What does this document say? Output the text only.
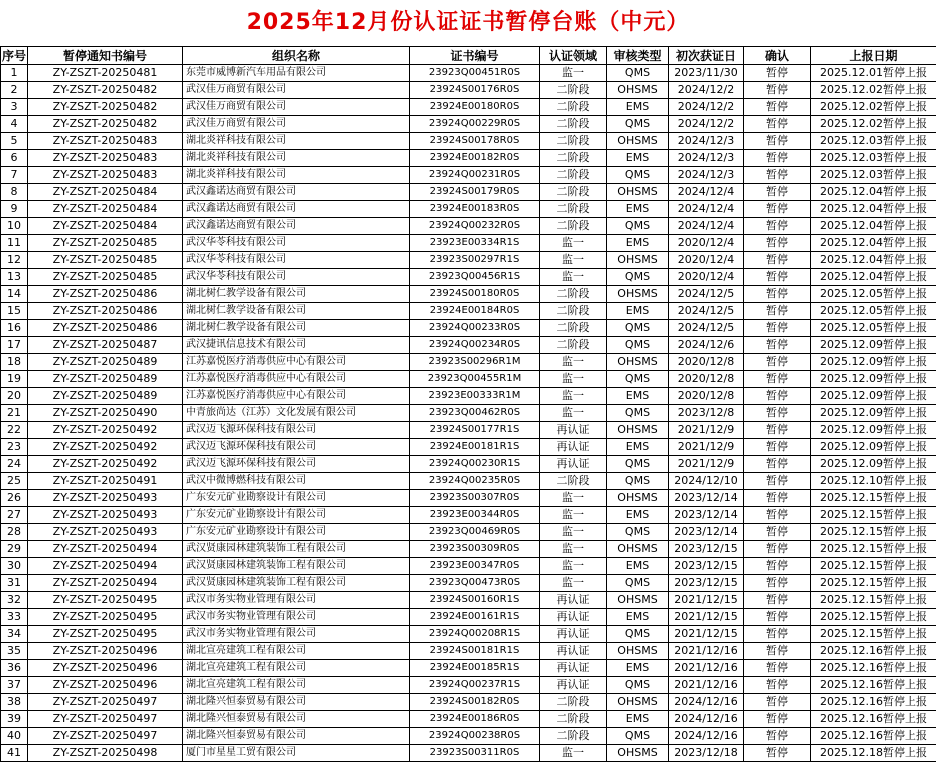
2025年12月份认证证书暂停台账（中元）
序号	暂停通知书编号	组织名称	证书编号	认证领域	审核类型	初次获证日	确认	上报日期
1	ZY-ZSZT-20250481	东莞市威博新汽车用品有限公司	23923Q00451R0S	监一	QMS	2023/11/30	暂停	2025.12.01暂停上报
2	ZY-ZSZT-20250482	武汉佳万商贸有限公司	23924S00176R0S	二阶段	OHSMS	2024/12/2	暂停	2025.12.02暂停上报
3	ZY-ZSZT-20250482	武汉佳万商贸有限公司	23924E00180R0S	二阶段	EMS	2024/12/2	暂停	2025.12.02暂停上报
4	ZY-ZSZT-20250482	武汉佳万商贸有限公司	23924Q00229R0S	二阶段	QMS	2024/12/2	暂停	2025.12.02暂停上报
5	ZY-ZSZT-20250483	湖北炎祥科技有限公司	23924S00178R0S	二阶段	OHSMS	2024/12/3	暂停	2025.12.03暂停上报
6	ZY-ZSZT-20250483	湖北炎祥科技有限公司	23924E00182R0S	二阶段	EMS	2024/12/3	暂停	2025.12.03暂停上报
7	ZY-ZSZT-20250483	湖北炎祥科技有限公司	23924Q00231R0S	二阶段	QMS	2024/12/3	暂停	2025.12.03暂停上报
8	ZY-ZSZT-20250484	武汉鑫诺达商贸有限公司	23924S00179R0S	二阶段	OHSMS	2024/12/4	暂停	2025.12.04暂停上报
9	ZY-ZSZT-20250484	武汉鑫诺达商贸有限公司	23924E00183R0S	二阶段	EMS	2024/12/4	暂停	2025.12.04暂停上报
10	ZY-ZSZT-20250484	武汉鑫诺达商贸有限公司	23924Q00232R0S	二阶段	QMS	2024/12/4	暂停	2025.12.04暂停上报
11	ZY-ZSZT-20250485	武汉华苓科技有限公司	23923E00334R1S	监一	EMS	2020/12/4	暂停	2025.12.04暂停上报
12	ZY-ZSZT-20250485	武汉华苓科技有限公司	23923S00297R1S	监一	OHSMS	2020/12/4	暂停	2025.12.04暂停上报
13	ZY-ZSZT-20250485	武汉华苓科技有限公司	23923Q00456R1S	监一	QMS	2020/12/4	暂停	2025.12.04暂停上报
14	ZY-ZSZT-20250486	湖北树仁教学设备有限公司	23924S00180R0S	二阶段	OHSMS	2024/12/5	暂停	2025.12.05暂停上报
15	ZY-ZSZT-20250486	湖北树仁教学设备有限公司	23924E00184R0S	二阶段	EMS	2024/12/5	暂停	2025.12.05暂停上报
16	ZY-ZSZT-20250486	湖北树仁教学设备有限公司	23924Q00233R0S	二阶段	QMS	2024/12/5	暂停	2025.12.05暂停上报
17	ZY-ZSZT-20250487	武汉捷讯信息技术有限公司	23924Q00234R0S	二阶段	QMS	2024/12/6	暂停	2025.12.09暂停上报
18	ZY-ZSZT-20250489	江苏嘉悦医疗消毒供应中心有限公司	23923S00296R1M	监一	OHSMS	2020/12/8	暂停	2025.12.09暂停上报
19	ZY-ZSZT-20250489	江苏嘉悦医疗消毒供应中心有限公司	23923Q00455R1M	监一	QMS	2020/12/8	暂停	2025.12.09暂停上报
20	ZY-ZSZT-20250489	江苏嘉悦医疗消毒供应中心有限公司	23923E00333R1M	监一	EMS	2020/12/8	暂停	2025.12.09暂停上报
21	ZY-ZSZT-20250490	中青旅尚达（江苏）文化发展有限公司	23923Q00462R0S	监一	QMS	2023/12/8	暂停	2025.12.09暂停上报
22	ZY-ZSZT-20250492	武汉迈飞源环保科技有限公司	23924S00177R1S	再认证	OHSMS	2021/12/9	暂停	2025.12.09暂停上报
23	ZY-ZSZT-20250492	武汉迈飞源环保科技有限公司	23924E00181R1S	再认证	EMS	2021/12/9	暂停	2025.12.09暂停上报
24	ZY-ZSZT-20250492	武汉迈飞源环保科技有限公司	23924Q00230R1S	再认证	QMS	2021/12/9	暂停	2025.12.09暂停上报
25	ZY-ZSZT-20250491	武汉中微博燃科技有限公司	23924Q00235R0S	二阶段	QMS	2024/12/10	暂停	2025.12.10暂停上报
26	ZY-ZSZT-20250493	广东安元矿业勘察设计有限公司	23923S00307R0S	监一	OHSMS	2023/12/14	暂停	2025.12.15暂停上报
27	ZY-ZSZT-20250493	广东安元矿业勘察设计有限公司	23923E00344R0S	监一	EMS	2023/12/14	暂停	2025.12.15暂停上报
28	ZY-ZSZT-20250493	广东安元矿业勘察设计有限公司	23923Q00469R0S	监一	QMS	2023/12/14	暂停	2025.12.15暂停上报
29	ZY-ZSZT-20250494	武汉贤康园林建筑装饰工程有限公司	23923S00309R0S	监一	OHSMS	2023/12/15	暂停	2025.12.15暂停上报
30	ZY-ZSZT-20250494	武汉贤康园林建筑装饰工程有限公司	23923E00347R0S	监一	EMS	2023/12/15	暂停	2025.12.15暂停上报
31	ZY-ZSZT-20250494	武汉贤康园林建筑装饰工程有限公司	23923Q00473R0S	监一	QMS	2023/12/15	暂停	2025.12.15暂停上报
32	ZY-ZSZT-20250495	武汉市务实物业管理有限公司	23924S00160R1S	再认证	OHSMS	2021/12/15	暂停	2025.12.15暂停上报
33	ZY-ZSZT-20250495	武汉市务实物业管理有限公司	23924E00161R1S	再认证	EMS	2021/12/15	暂停	2025.12.15暂停上报
34	ZY-ZSZT-20250495	武汉市务实物业管理有限公司	23924Q00208R1S	再认证	QMS	2021/12/15	暂停	2025.12.15暂停上报
35	ZY-ZSZT-20250496	湖北宣亮建筑工程有限公司	23924S00181R1S	再认证	OHSMS	2021/12/16	暂停	2025.12.16暂停上报
36	ZY-ZSZT-20250496	湖北宣亮建筑工程有限公司	23924E00185R1S	再认证	EMS	2021/12/16	暂停	2025.12.16暂停上报
37	ZY-ZSZT-20250496	湖北宣亮建筑工程有限公司	23924Q00237R1S	再认证	QMS	2021/12/16	暂停	2025.12.16暂停上报
38	ZY-ZSZT-20250497	湖北隆兴恒泰贸易有限公司	23924S00182R0S	二阶段	OHSMS	2024/12/16	暂停	2025.12.16暂停上报
39	ZY-ZSZT-20250497	湖北隆兴恒泰贸易有限公司	23924E00186R0S	二阶段	EMS	2024/12/16	暂停	2025.12.16暂停上报
40	ZY-ZSZT-20250497	湖北隆兴恒泰贸易有限公司	23924Q00238R0S	二阶段	QMS	2024/12/16	暂停	2025.12.16暂停上报
41	ZY-ZSZT-20250498	厦门市星星工贸有限公司	23923S00311R0S	监一	OHSMS	2023/12/18	暂停	2025.12.18暂停上报
